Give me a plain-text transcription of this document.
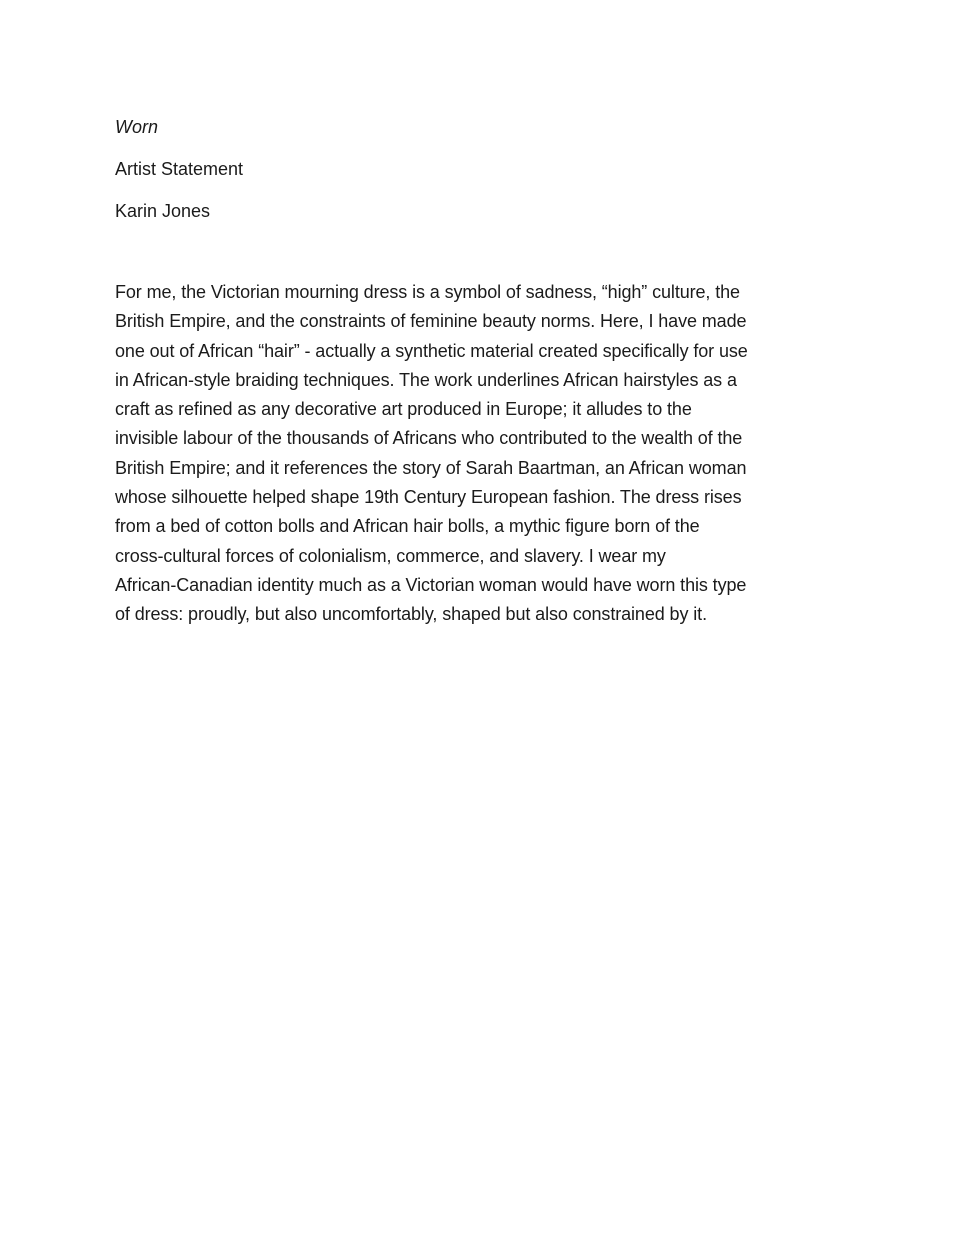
Worn
Artist Statement
Karin Jones
For me, the Victorian mourning dress is a symbol of sadness, “high” culture, the
British Empire, and the constraints of feminine beauty norms. Here, I have made
one out of African “hair” - actually a synthetic material created specifically for use
in African-style braiding techniques. The work underlines African hairstyles as a
craft as refined as any decorative art produced in Europe; it alludes to the
invisible labour of the thousands of Africans who contributed to the wealth of the
British Empire; and it references the story of Sarah Baartman, an African woman
whose silhouette helped shape 19th Century European fashion. The dress rises
from a bed of cotton bolls and African hair bolls, a mythic figure born of the
cross-cultural forces of colonialism, commerce, and slavery. I wear my
African-Canadian identity much as a Victorian woman would have worn this type
of dress: proudly, but also uncomfortably, shaped but also constrained by it.
